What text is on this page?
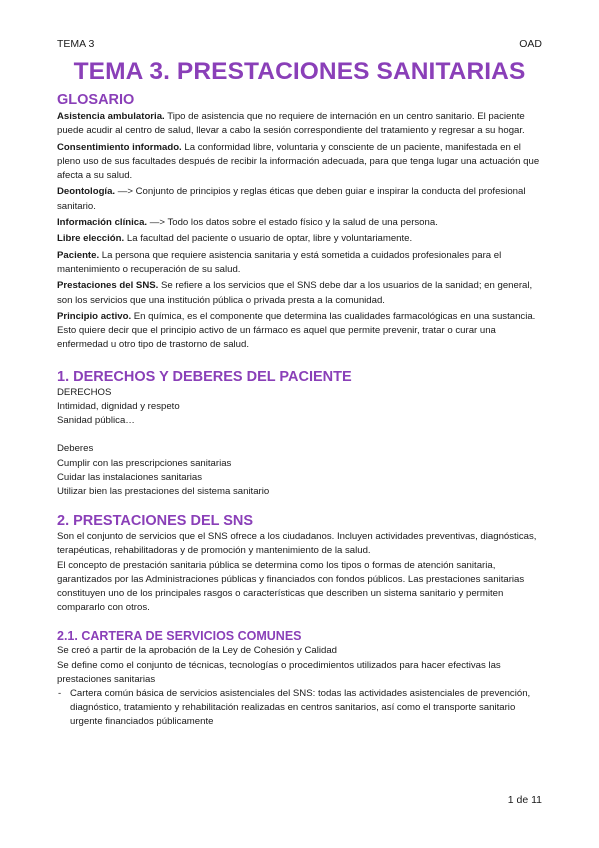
TEMA 3	OAD
TEMA 3. PRESTACIONES SANITARIAS
GLOSARIO

Asistencia ambulatoria. Tipo de asistencia que no requiere de internación en un centro sanitario. El paciente puede acudir al centro de salud, llevar a cabo la sesión correspondiente del tratamiento y regresar a su hogar.

Consentimiento informado. La conformidad libre, voluntaria y consciente de un paciente, manifestada en el pleno uso de sus facultades después de recibir la información adecuada, para que tenga lugar una actuación que afecta a su salud.

Deontología. —> Conjunto de principios y reglas éticas que deben guiar e inspirar la conducta del profesional sanitario.

Información clínica. —> Todo los datos sobre el estado físico y la salud de una persona.

Libre elección. La facultad del paciente o usuario de optar, libre y voluntariamente.

Paciente. La persona que requiere asistencia sanitaria y está sometida a cuidados profesionales para el mantenimiento o recuperación de su salud.

Prestaciones del SNS. Se refiere a los servicios que el SNS debe dar a los usuarios de la sanidad; en general, son los servicios que una institución pública o privada presta a la comunidad.

Principio activo. En química, es el componente que determina las cualidades farmacológicas en una sustancia. Esto quiere decir que el principio activo de un fármaco es aquel que permite prevenir, tratar o curar una enfermedad u otro tipo de trastorno de salud.

1. DERECHOS Y DEBERES DEL PACIENTE

DERECHOS

Intimidad, dignidad y respeto
Sanidad pública…

Deberes

Cumplir con las prescripciones sanitarias
Cuidar las instalaciones sanitarias
Utilizar bien las prestaciones del sistema sanitario
2. PRESTACIONES DEL SNS

Son el conjunto de servicios que el SNS ofrece a los ciudadanos. Incluyen actividades preventivas, diagnósticas, terapéuticas, rehabilitadoras y de promoción y mantenimiento de la salud.

El concepto de prestación sanitaria pública se determina como los tipos o formas de atención sanitaria, garantizados por las Administraciones públicas y financiados con fondos públicos. Las prestaciones sanitarias constituyen uno de los principales rasgos o características que describen un sistema sanitario y permiten compararlo con otros.

2.1. CARTERA DE SERVICIOS COMUNES

Se creó a partir de la aprobación de la Ley de Cohesión y Calidad

Se define como el conjunto de técnicas, tecnologías o procedimientos utilizados para hacer efectivas las prestaciones sanitarias

- Cartera común básica de servicios asistenciales del SNS: todas las actividades asistenciales de prevención, diagnóstico, tratamiento y rehabilitación realizadas en centros sanitarios, así como el transporte sanitario urgente financiados públicamente
1 de 11
